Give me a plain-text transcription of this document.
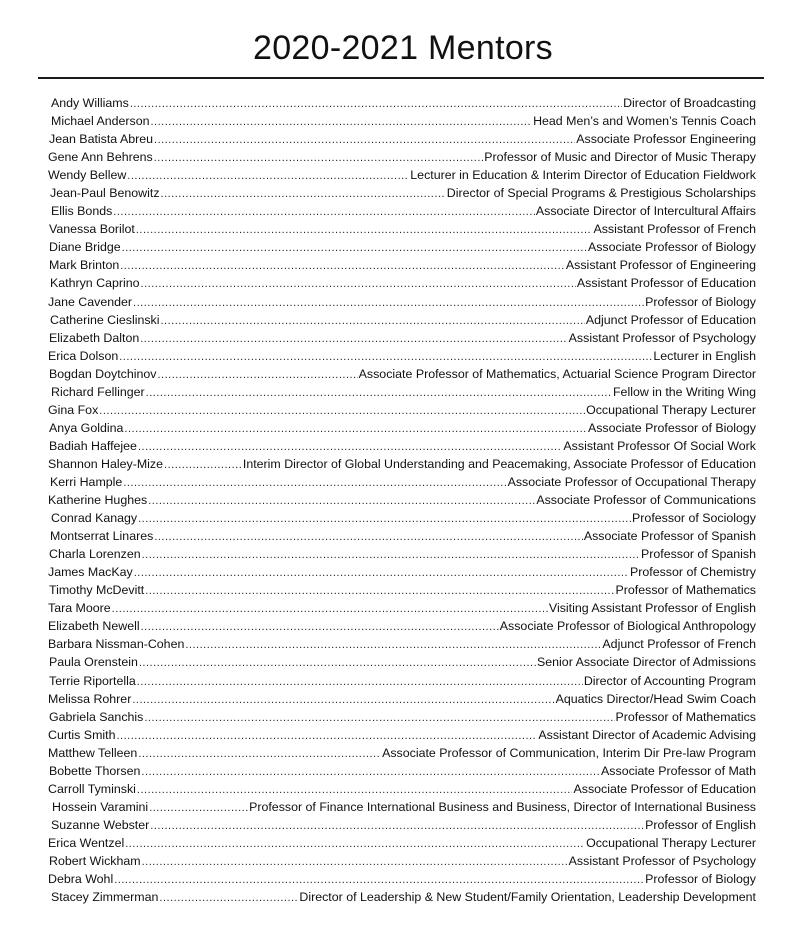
2020-2021 Mentors
Andy Williams .....	Director of Broadcasting
Michael Anderson .....	Head Men’s and Women’s Tennis Coach
Jean Batista Abreu .....	Associate Professor Engineering
Gene Ann Behrens .....	Professor of Music and Director of Music Therapy
Wendy Bellew .....	Lecturer in Education & Interim Director of Education Fieldwork
Jean-Paul Benowitz .....	Director of Special Programs & Prestigious Scholarships
Ellis Bonds .....	Associate Director of Intercultural Affairs
Vanessa Borilot .....	Assistant Professor of French
Diane Bridge .....	Associate Professor of Biology
Mark Brinton .....	Assistant Professor of Engineering
Kathryn Caprino .....	Assistant Professor of Education
Jane Cavender .....	Professor of Biology
Catherine Cieslinski .....	Adjunct Professor of Education
Elizabeth Dalton .....	Assistant Professor of Psychology
Erica Dolson .....	Lecturer in English
Bogdan Doytchinov .....	Associate Professor of Mathematics, Actuarial Science Program Director
Richard Fellinger .....	Fellow in the Writing Wing
Gina Fox .....	Occupational Therapy Lecturer
Anya Goldina .....	Associate Professor of Biology
Badiah Haffejee .....	Assistant Professor Of Social Work
Shannon Haley-Mize .....	Interim Director of Global Understanding and Peacemaking, Associate Professor of Education
Kerri Hample .....	Associate Professor of Occupational Therapy
Katherine Hughes .....	Associate Professor of Communications
Conrad Kanagy .....	Professor of Sociology
Montserrat Linares .....	Associate Professor of Spanish
Charla Lorenzen .....	Professor of Spanish
James MacKay .....	Professor of Chemistry
Timothy McDevitt .....	Professor of Mathematics
Tara Moore .....	Visiting Assistant Professor of English
Elizabeth Newell .....	Associate Professor of Biological Anthropology
Barbara Nissman-Cohen .....	Adjunct Professor of French
Paula Orenstein .....	Senior Associate Director of Admissions
Terrie Riportella .....	Director of Accounting Program
Melissa Rohrer .....	Aquatics Director/Head Swim Coach
Gabriela Sanchis .....	Professor of Mathematics
Curtis Smith .....	Assistant Director of Academic Advising
Matthew Telleen .....	Associate Professor of Communication, Interim Dir Pre-law Program
Bobette Thorsen .....	Associate Professor of Math
Carroll Tyminski .....	Associate Professor of Education
Hossein Varamini .....	Professor of Finance International Business and Business, Director of International Business
Suzanne Webster .....	Professor of English
Erica Wentzel .....	Occupational Therapy Lecturer
Robert Wickham .....	Assistant Professor of Psychology
Debra Wohl .....	Professor of Biology
Stacey Zimmerman .....	Director of Leadership & New Student/Family Orientation, Leadership Development
